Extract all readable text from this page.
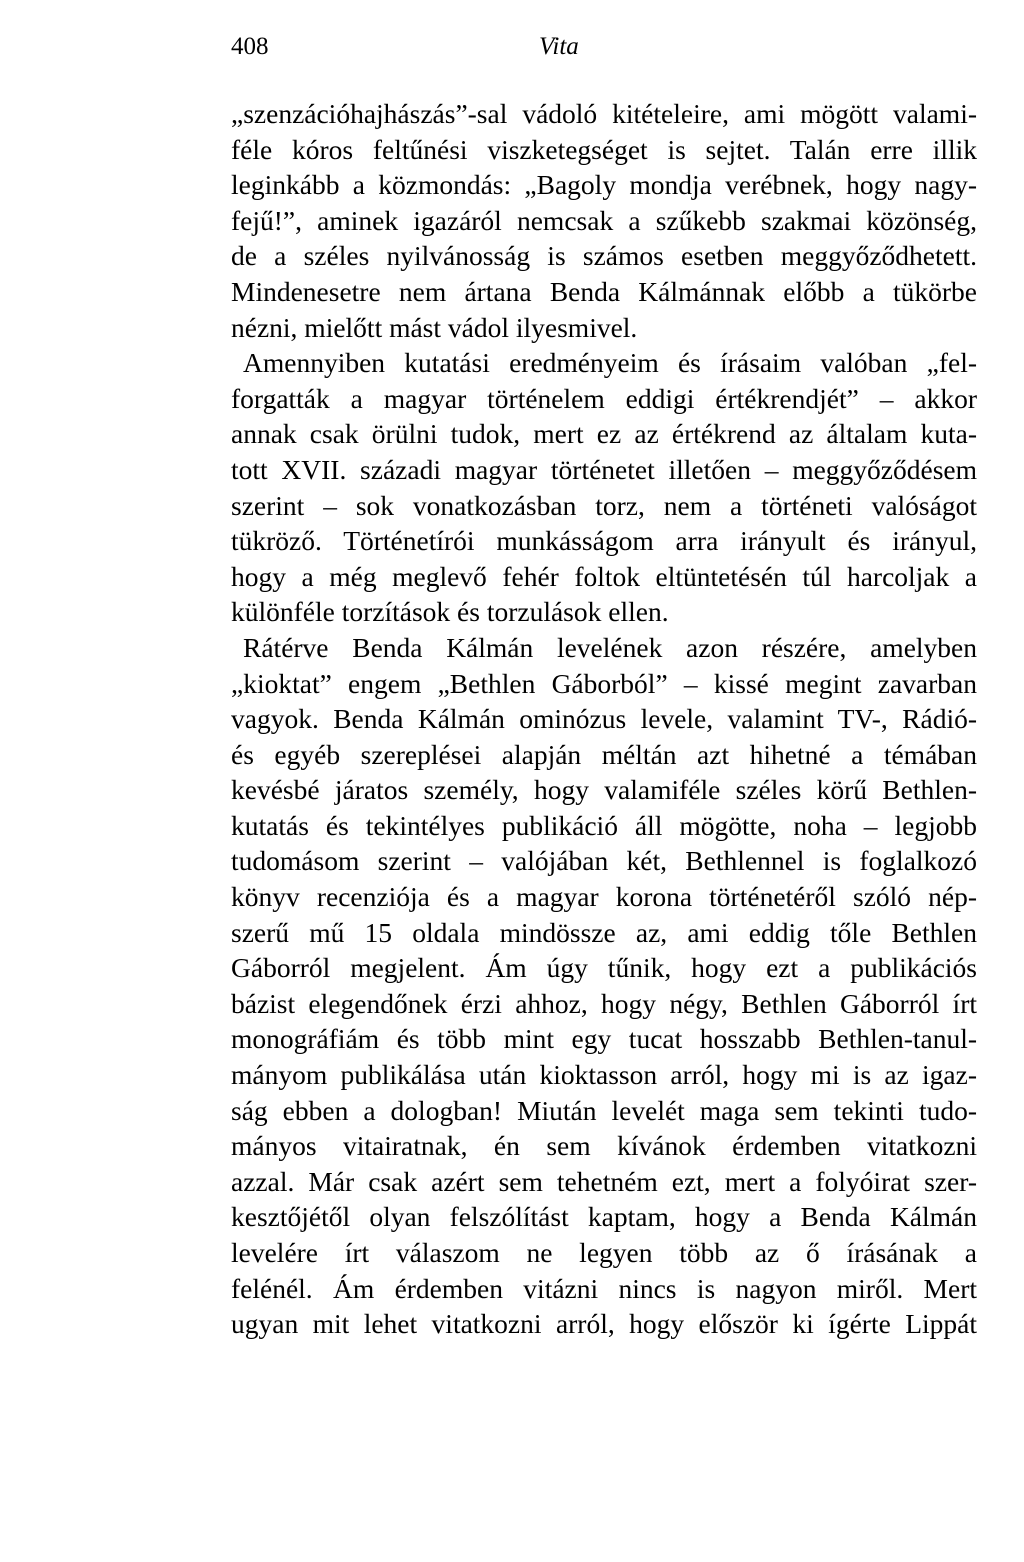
408	Vita
„szenzációhajhászás”-sal vádoló kitételeire, ami mögött valami-
féle kóros feltűnési viszketegséget is sejtet. Talán erre illik
leginkább a közmondás: „Bagoly mondja verébnek, hogy nagy-
fejű!”, aminek igazáról nemcsak a szűkebb szakmai közönség,
de a széles nyilvánosság is számos esetben meggyőződhetett.
Mindenesetre nem ártana Benda Kálmánnak előbb a tükörbe
nézni, mielőtt mást vádol ilyesmivel.
Amennyiben kutatási eredményeim és írásaim valóban „fel-
forgatták a magyar történelem eddigi értékrendjét” – akkor
annak csak örülni tudok, mert ez az értékrend az általam kuta-
tott XVII. századi magyar történetet illetően – meggyőződésem
szerint – sok vonatkozásban torz, nem a történeti valóságot
tükröző. Történetírói munkásságom arra irányult és irányul,
hogy a még meglevő fehér foltok eltüntetésén túl harcoljak a
különféle torzítások és torzulások ellen.
Rátérve Benda Kálmán levelének azon részére, amelyben
„kioktat” engem „Bethlen Gáborból” – kissé megint zavarban
vagyok. Benda Kálmán ominózus levele, valamint TV-, Rádió-
és egyéb szereplései alapján méltán azt hihetné a témában
kevésbé járatos személy, hogy valamiféle széles körű Bethlen-
kutatás és tekintélyes publikáció áll mögötte, noha – legjobb
tudomásom szerint – valójában két, Bethlennel is foglalkozó
könyv recenziója és a magyar korona történetéről szóló nép-
szerű mű 15 oldala mindössze az, ami eddig tőle Bethlen
Gáborról megjelent. Ám úgy tűnik, hogy ezt a publikációs
bázist elegendőnek érzi ahhoz, hogy négy, Bethlen Gáborról írt
monográfiám és több mint egy tucat hosszabb Bethlen-tanul-
mányom publikálása után kioktasson arról, hogy mi is az igaz-
ság ebben a dologban! Miután levelét maga sem tekinti tudo-
mányos vitairatnak, én sem kívánok érdemben vitatkozni
azzal. Már csak azért sem tehetném ezt, mert a folyóirat szer-
kesztőjétől olyan felszólítást kaptam, hogy a Benda Kálmán
levelére írt válaszom ne legyen több az ő írásának a
felénél. Ám érdemben vitázni nincs is nagyon miről. Mert
ugyan mit lehet vitatkozni arról, hogy először ki ígérte Lippát
